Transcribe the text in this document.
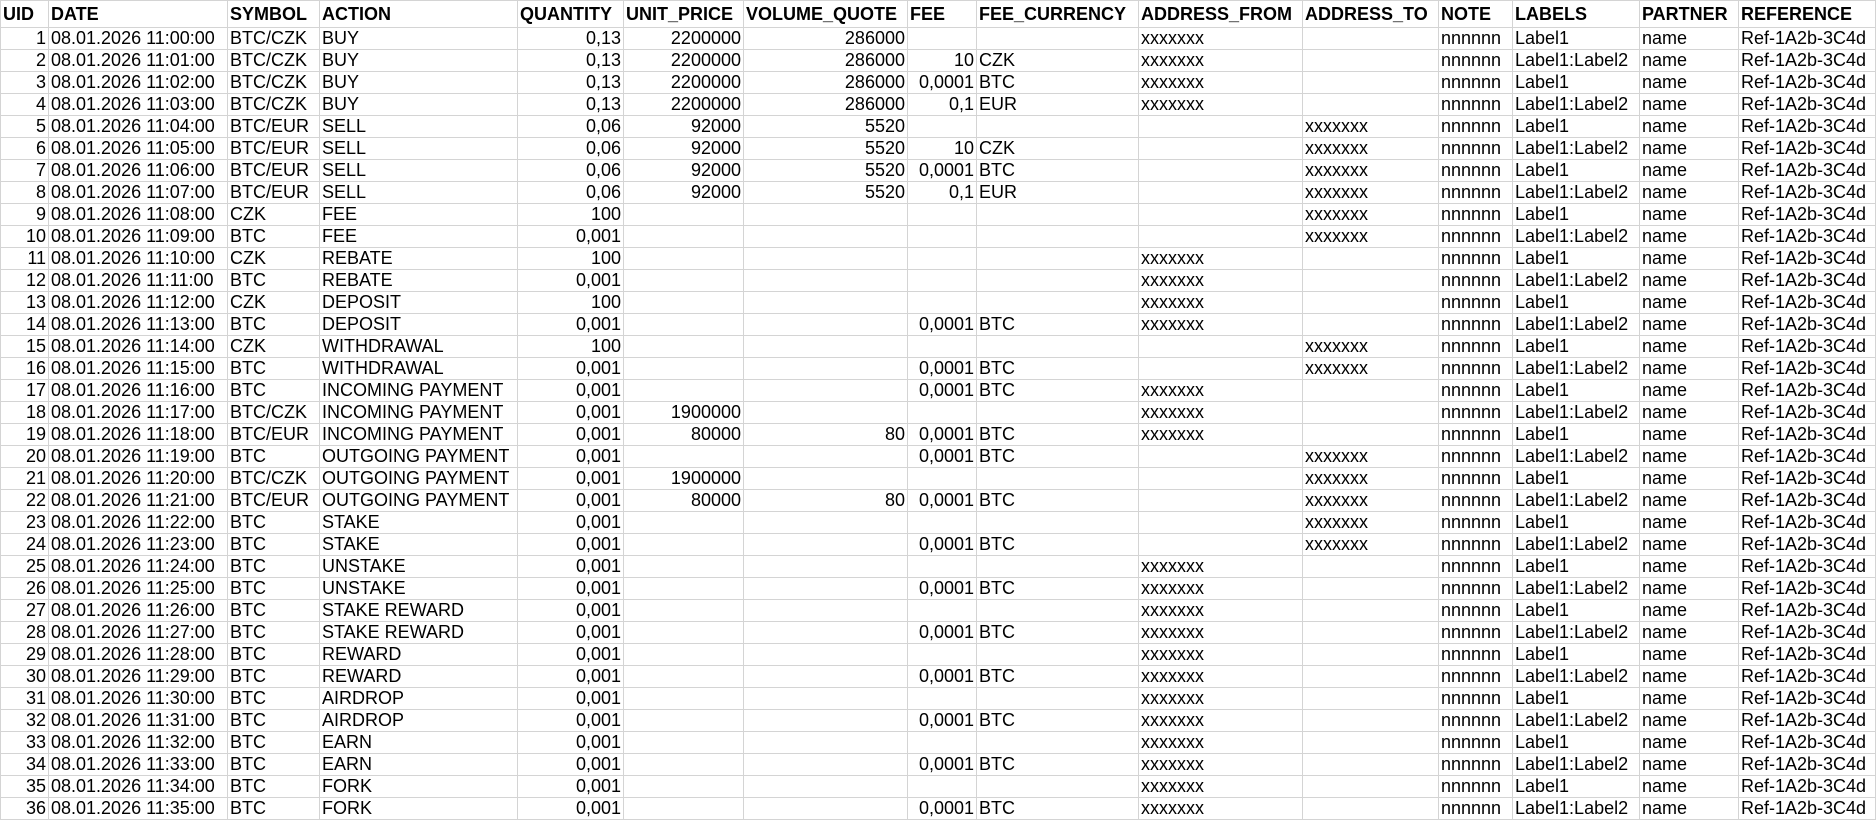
UID	DATE	SYMBOL	ACTION	QUANTITY	UNIT_PRICE	VOLUME_QUOTE	FEE	FEE_CURRENCY	ADDRESS_FROM	ADDRESS_TO	NOTE	LABELS	PARTNER	REFERENCE
1	08.01.2026 11:00:00	BTC/CZK	BUY	0,13	2200000	286000			xxxxxxx		nnnnnn	Label1	name	Ref-1A2b-3C4d
2	08.01.2026 11:01:00	BTC/CZK	BUY	0,13	2200000	286000	10	CZK	xxxxxxx		nnnnnn	Label1:Label2	name	Ref-1A2b-3C4d
3	08.01.2026 11:02:00	BTC/CZK	BUY	0,13	2200000	286000	0,0001	BTC	xxxxxxx		nnnnnn	Label1	name	Ref-1A2b-3C4d
4	08.01.2026 11:03:00	BTC/CZK	BUY	0,13	2200000	286000	0,1	EUR	xxxxxxx		nnnnnn	Label1:Label2	name	Ref-1A2b-3C4d
5	08.01.2026 11:04:00	BTC/EUR	SELL	0,06	92000	5520				xxxxxxx	nnnnnn	Label1	name	Ref-1A2b-3C4d
6	08.01.2026 11:05:00	BTC/EUR	SELL	0,06	92000	5520	10	CZK		xxxxxxx	nnnnnn	Label1:Label2	name	Ref-1A2b-3C4d
7	08.01.2026 11:06:00	BTC/EUR	SELL	0,06	92000	5520	0,0001	BTC		xxxxxxx	nnnnnn	Label1	name	Ref-1A2b-3C4d
8	08.01.2026 11:07:00	BTC/EUR	SELL	0,06	92000	5520	0,1	EUR		xxxxxxx	nnnnnn	Label1:Label2	name	Ref-1A2b-3C4d
9	08.01.2026 11:08:00	CZK	FEE	100						xxxxxxx	nnnnnn	Label1	name	Ref-1A2b-3C4d
10	08.01.2026 11:09:00	BTC	FEE	0,001						xxxxxxx	nnnnnn	Label1:Label2	name	Ref-1A2b-3C4d
11	08.01.2026 11:10:00	CZK	REBATE	100					xxxxxxx		nnnnnn	Label1	name	Ref-1A2b-3C4d
12	08.01.2026 11:11:00	BTC	REBATE	0,001					xxxxxxx		nnnnnn	Label1:Label2	name	Ref-1A2b-3C4d
13	08.01.2026 11:12:00	CZK	DEPOSIT	100					xxxxxxx		nnnnnn	Label1	name	Ref-1A2b-3C4d
14	08.01.2026 11:13:00	BTC	DEPOSIT	0,001			0,0001	BTC	xxxxxxx		nnnnnn	Label1:Label2	name	Ref-1A2b-3C4d
15	08.01.2026 11:14:00	CZK	WITHDRAWAL	100						xxxxxxx	nnnnnn	Label1	name	Ref-1A2b-3C4d
16	08.01.2026 11:15:00	BTC	WITHDRAWAL	0,001			0,0001	BTC		xxxxxxx	nnnnnn	Label1:Label2	name	Ref-1A2b-3C4d
17	08.01.2026 11:16:00	BTC	INCOMING PAYMENT	0,001			0,0001	BTC	xxxxxxx		nnnnnn	Label1	name	Ref-1A2b-3C4d
18	08.01.2026 11:17:00	BTC/CZK	INCOMING PAYMENT	0,001	1900000				xxxxxxx		nnnnnn	Label1:Label2	name	Ref-1A2b-3C4d
19	08.01.2026 11:18:00	BTC/EUR	INCOMING PAYMENT	0,001	80000	80	0,0001	BTC	xxxxxxx		nnnnnn	Label1	name	Ref-1A2b-3C4d
20	08.01.2026 11:19:00	BTC	OUTGOING PAYMENT	0,001			0,0001	BTC		xxxxxxx	nnnnnn	Label1:Label2	name	Ref-1A2b-3C4d
21	08.01.2026 11:20:00	BTC/CZK	OUTGOING PAYMENT	0,001	1900000					xxxxxxx	nnnnnn	Label1	name	Ref-1A2b-3C4d
22	08.01.2026 11:21:00	BTC/EUR	OUTGOING PAYMENT	0,001	80000	80	0,0001	BTC		xxxxxxx	nnnnnn	Label1:Label2	name	Ref-1A2b-3C4d
23	08.01.2026 11:22:00	BTC	STAKE	0,001						xxxxxxx	nnnnnn	Label1	name	Ref-1A2b-3C4d
24	08.01.2026 11:23:00	BTC	STAKE	0,001			0,0001	BTC		xxxxxxx	nnnnnn	Label1:Label2	name	Ref-1A2b-3C4d
25	08.01.2026 11:24:00	BTC	UNSTAKE	0,001					xxxxxxx		nnnnnn	Label1	name	Ref-1A2b-3C4d
26	08.01.2026 11:25:00	BTC	UNSTAKE	0,001			0,0001	BTC	xxxxxxx		nnnnnn	Label1:Label2	name	Ref-1A2b-3C4d
27	08.01.2026 11:26:00	BTC	STAKE REWARD	0,001					xxxxxxx		nnnnnn	Label1	name	Ref-1A2b-3C4d
28	08.01.2026 11:27:00	BTC	STAKE REWARD	0,001			0,0001	BTC	xxxxxxx		nnnnnn	Label1:Label2	name	Ref-1A2b-3C4d
29	08.01.2026 11:28:00	BTC	REWARD	0,001					xxxxxxx		nnnnnn	Label1	name	Ref-1A2b-3C4d
30	08.01.2026 11:29:00	BTC	REWARD	0,001			0,0001	BTC	xxxxxxx		nnnnnn	Label1:Label2	name	Ref-1A2b-3C4d
31	08.01.2026 11:30:00	BTC	AIRDROP	0,001					xxxxxxx		nnnnnn	Label1	name	Ref-1A2b-3C4d
32	08.01.2026 11:31:00	BTC	AIRDROP	0,001			0,0001	BTC	xxxxxxx		nnnnnn	Label1:Label2	name	Ref-1A2b-3C4d
33	08.01.2026 11:32:00	BTC	EARN	0,001					xxxxxxx		nnnnnn	Label1	name	Ref-1A2b-3C4d
34	08.01.2026 11:33:00	BTC	EARN	0,001			0,0001	BTC	xxxxxxx		nnnnnn	Label1:Label2	name	Ref-1A2b-3C4d
35	08.01.2026 11:34:00	BTC	FORK	0,001					xxxxxxx		nnnnnn	Label1	name	Ref-1A2b-3C4d
36	08.01.2026 11:35:00	BTC	FORK	0,001			0,0001	BTC	xxxxxxx		nnnnnn	Label1:Label2	name	Ref-1A2b-3C4d
